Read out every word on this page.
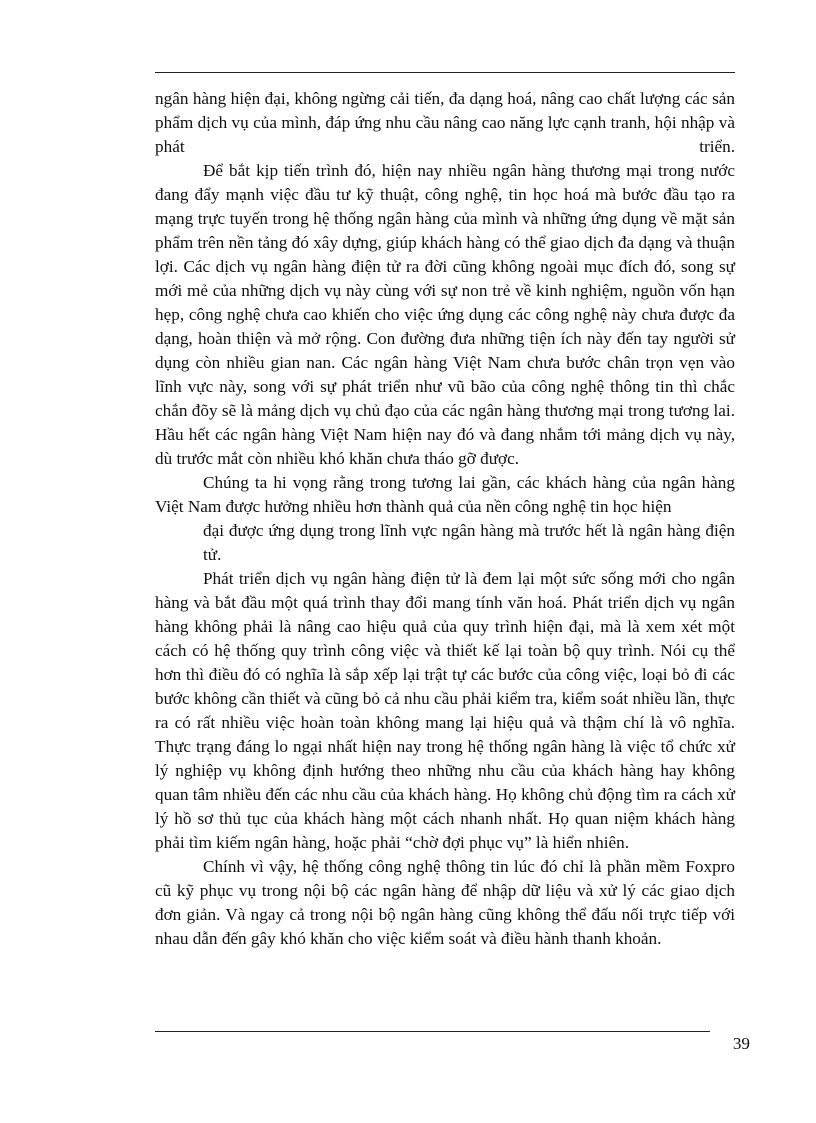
ngân hàng hiện đại, không ngừng cải tiến, đa dạng hoá, nâng cao chất lượng các sản phẩm dịch vụ của mình, đáp ứng nhu cầu nâng cao năng lực cạnh tranh, hội nhập và phát triển.

Để bắt kịp tiến trình đó, hiện nay nhiều ngân hàng thương mại trong nước đang đẩy mạnh việc đầu tư kỹ thuật, công nghệ, tin học hoá mà bước đầu tạo ra mạng trực tuyến trong hệ thống ngân hàng của mình và những ứng dụng về mặt sản phẩm trên nền tảng đó xây dựng, giúp khách hàng có thể giao dịch đa dạng và thuận lợi. Các dịch vụ ngân hàng điện tử ra đời cũng không ngoài mục đích đó, song sự mới mẻ của những dịch vụ này cùng với sự non trẻ về kinh nghiệm, nguồn vốn hạn hẹp, công nghệ chưa cao khiến cho việc ứng dụng các công nghệ này chưa được đa dạng, hoàn thiện và mở rộng. Con đường đưa những tiện ích này đến tay người sử dụng còn nhiều gian nan. Các ngân hàng Việt Nam chưa bước chân trọn vẹn vào lĩnh vực này, song với sự phát triển như vũ bão của công nghệ thông tin thì chắc chắn đõy sẽ là mảng dịch vụ chủ đạo của các ngân hàng thương mại trong tương lai. Hầu hết các ngân hàng Việt Nam hiện nay đó và đang nhắm tới mảng dịch vụ này, dù trước mắt còn nhiều khó khăn chưa tháo gỡ được.

Chúng ta hi vọng rằng trong tương lai gần, các khách hàng của ngân hàng Việt Nam được hưởng nhiều hơn thành quả của nền công nghệ tin học hiện

đại được ứng dụng trong lĩnh vực ngân hàng mà trước hết là ngân hàng điện tử.

Phát triển dịch vụ ngân hàng điện tử là đem lại một sức sống mới cho ngân hàng và bắt đầu một quá trình thay đổi mang tính văn hoá. Phát triển dịch vụ ngân hàng không phải là nâng cao hiệu quả của quy trình hiện đại, mà là xem xét một cách có hệ thống quy trình công việc và thiết kế lại toàn bộ quy trình. Nói cụ thể hơn thì điều đó có nghĩa là sắp xếp lại trật tự các bước của công việc, loại bỏ đi các bước không cần thiết và cũng bỏ cả nhu cầu phải kiểm tra, kiểm soát nhiều lần, thực ra có rất nhiều việc hoàn toàn không mang lại hiệu quả và thậm chí là vô nghĩa. Thực trạng đáng lo ngại nhất hiện nay trong hệ thống ngân hàng là việc tổ chức xử lý nghiệp vụ không định hướng theo những nhu cầu của khách hàng hay không quan tâm nhiều đến các nhu cầu của khách hàng. Họ không chủ động tìm ra cách xử lý hồ sơ thủ tục của khách hàng một cách nhanh nhất. Họ quan niệm khách hàng phải tìm kiếm ngân hàng, hoặc phải “chờ đợi phục vụ” là hiển nhiên.

Chính vì vậy, hệ thống công nghệ thông tin lúc đó chỉ là phần mềm Foxpro cũ kỹ phục vụ trong nội bộ các ngân hàng để nhập dữ liệu và xử lý các giao dịch đơn giản. Và ngay cả trong nội bộ ngân hàng cũng không thể đấu nối trực tiếp với nhau dẫn đến gây khó khăn cho việc kiểm soát và điều hành thanh khoản.

39
